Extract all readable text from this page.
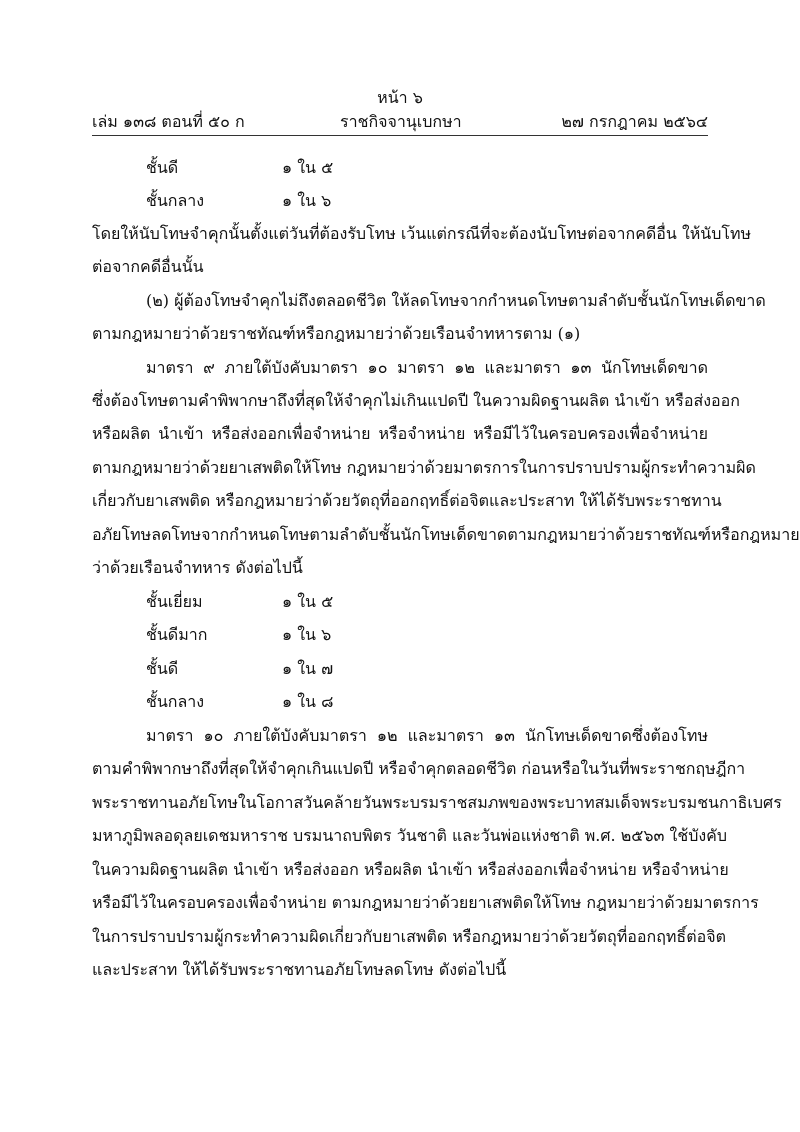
หน้า ๖
เล่ม ๑๓๘ ตอนที่ ๕๐ ก	ราชกิจจานุเบกษา	๒๗ กรกฎาคม ๒๕๖๔
ชั้นดี	๑ ใน ๕
ชั้นกลาง	๑ ใน ๖
โดยให้นับโทษจำคุกนั้นตั้งแต่วันที่ต้องรับโทษ เว้นแต่กรณีที่จะต้องนับโทษต่อจากคดีอื่น ให้นับโทษ
ต่อจากคดีอื่นนั้น
(๒) ผู้ต้องโทษจำคุกไม่ถึงตลอดชีวิต ให้ลดโทษจากกำหนดโทษตามลำดับชั้นนักโทษเด็ดขาด
ตามกฎหมายว่าด้วยราชทัณฑ์หรือกฎหมายว่าด้วยเรือนจำทหารตาม (๑)
มาตรา ๙ ภายใต้บังคับมาตรา ๑๐ มาตรา ๑๒ และมาตรา ๑๓ นักโทษเด็ดขาด
ซึ่งต้องโทษตามคำพิพากษาถึงที่สุดให้จำคุกไม่เกินแปดปี ในความผิดฐานผลิต นำเข้า หรือส่งออก
หรือผลิต นำเข้า หรือส่งออกเพื่อจำหน่าย หรือจำหน่าย หรือมีไว้ในครอบครองเพื่อจำหน่าย
ตามกฎหมายว่าด้วยยาเสพติดให้โทษ กฎหมายว่าด้วยมาตรการในการปราบปรามผู้กระทำความผิด
เกี่ยวกับยาเสพติด หรือกฎหมายว่าด้วยวัตถุที่ออกฤทธิ์ต่อจิตและประสาท ให้ได้รับพระราชทาน
อภัยโทษลดโทษจากกำหนดโทษตามลำดับชั้นนักโทษเด็ดขาดตามกฎหมายว่าด้วยราชทัณฑ์หรือกฎหมาย
ว่าด้วยเรือนจำทหาร ดังต่อไปนี้
ชั้นเยี่ยม	๑ ใน ๕
ชั้นดีมาก	๑ ใน ๖
ชั้นดี	๑ ใน ๗
ชั้นกลาง	๑ ใน ๘
มาตรา ๑๐ ภายใต้บังคับมาตรา ๑๒ และมาตรา ๑๓ นักโทษเด็ดขาดซึ่งต้องโทษ
ตามคำพิพากษาถึงที่สุดให้จำคุกเกินแปดปี หรือจำคุกตลอดชีวิต ก่อนหรือในวันที่พระราชกฤษฎีกา
พระราชทานอภัยโทษในโอกาสวันคล้ายวันพระบรมราชสมภพของพระบาทสมเด็จพระบรมชนกาธิเบศร
มหาภูมิพลอดุลยเดชมหาราช บรมนาถบพิตร วันชาติ และวันพ่อแห่งชาติ พ.ศ. ๒๕๖๓ ใช้บังคับ
ในความผิดฐานผลิต นำเข้า หรือส่งออก หรือผลิต นำเข้า หรือส่งออกเพื่อจำหน่าย หรือจำหน่าย
หรือมีไว้ในครอบครองเพื่อจำหน่าย ตามกฎหมายว่าด้วยยาเสพติดให้โทษ กฎหมายว่าด้วยมาตรการ
ในการปราบปรามผู้กระทำความผิดเกี่ยวกับยาเสพติด หรือกฎหมายว่าด้วยวัตถุที่ออกฤทธิ์ต่อจิต
และประสาท ให้ได้รับพระราชทานอภัยโทษลดโทษ ดังต่อไปนี้
